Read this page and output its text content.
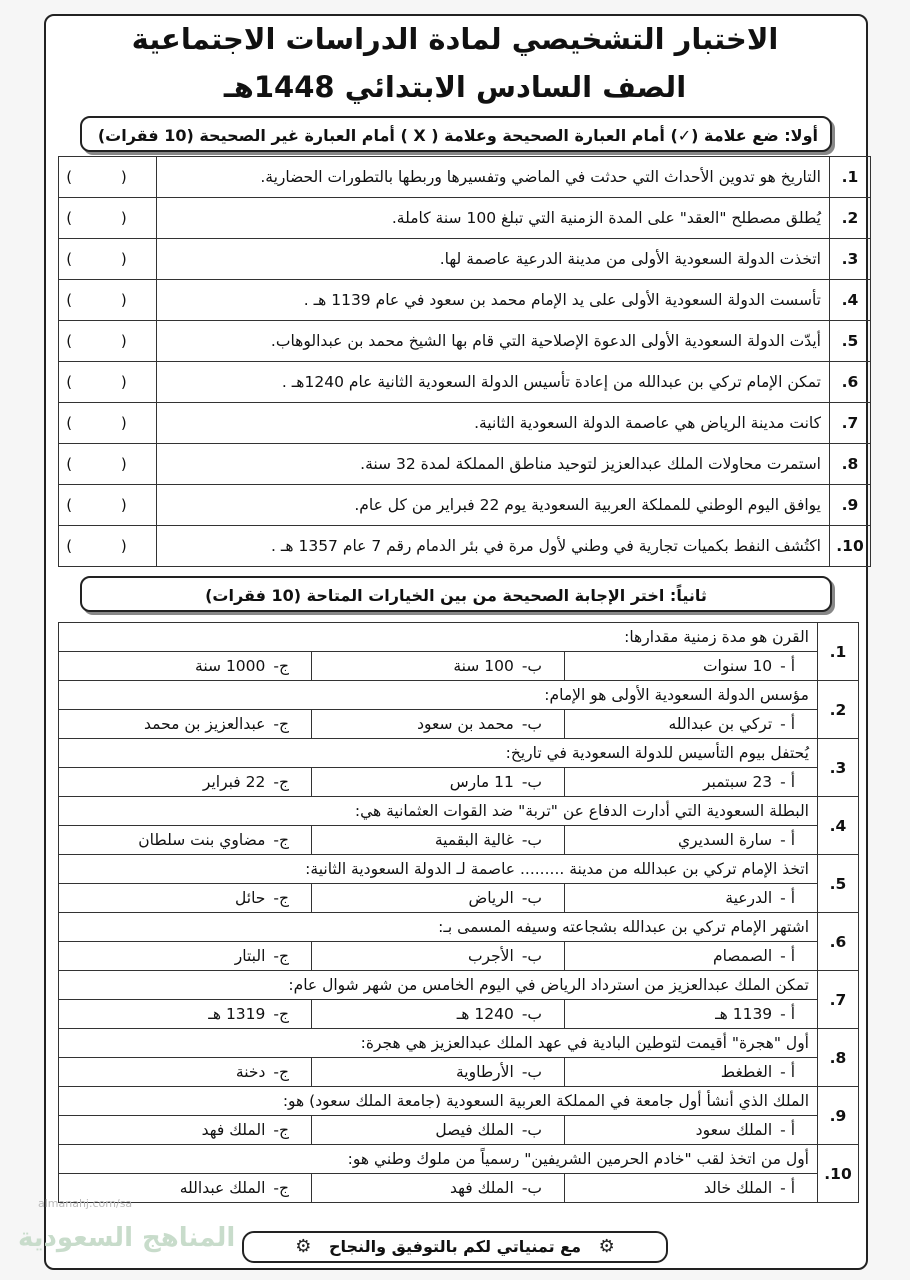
الاختبار التشخيصي لمادة الدراسات الاجتماعية
الصف السادس الابتدائي 1448هـ
أولا: ضع علامة (✓) أمام العبارة الصحيحة وعلامة ( X ) أمام العبارة غير الصحيحة (10 فقرات)
1.	التاريخ هو تدوين الأحداث التي حدثت في الماضي وتفسيرها وربطها بالتطورات الحضارية.	( )
2.	يُطلق مصطلح "العقد" على المدة الزمنية التي تبلغ 100 سنة كاملة.	( )
3.	اتخذت الدولة السعودية الأولى من مدينة الدرعية عاصمة لها.	( )
4.	تأسست الدولة السعودية الأولى على يد الإمام محمد بن سعود في عام 1139 هـ .	( )
5.	أيدّت الدولة السعودية الأولى الدعوة الإصلاحية التي قام بها الشيخ محمد بن عبدالوهاب.	( )
6.	تمكن الإمام تركي بن عبدالله من إعادة تأسيس الدولة السعودية الثانية عام 1240هـ .	( )
7.	كانت مدينة الرياض هي عاصمة الدولة السعودية الثانية.	( )
8.	استمرت محاولات الملك عبدالعزيز لتوحيد مناطق المملكة لمدة 32 سنة.	( )
9.	يوافق اليوم الوطني للمملكة العربية السعودية يوم 22 فبراير من كل عام.	( )
10.	اكتُشف النفط بكميات تجارية في وطني لأول مرة في بئر الدمام رقم 7 عام 1357 هـ .	( )
ثانياً: اختر الإجابة الصحيحة من بين الخيارات المتاحة (10 فقرات)
1.	القرن هو مدة زمنية مقدارها:		
	أ -10 سنوات	ب-100 سنة	ج-1000 سنة
2.	مؤسس الدولة السعودية الأولى هو الإمام:		
	أ -تركي بن عبدالله	ب-محمد بن سعود	ج-عبدالعزيز بن محمد
3.	يُحتفل بيوم التأسيس للدولة السعودية في تاريخ:		
	أ -23 سبتمبر	ب-11 مارس	ج-22 فبراير
4.	البطلة السعودية التي أدارت الدفاع عن "تربة" ضد القوات العثمانية هي:		
	أ -سارة السديري	ب-غالية البقمية	ج-مضاوي بنت سلطان
5.	اتخذ الإمام تركي بن عبدالله من مدينة ......... عاصمة لـ الدولة السعودية الثانية:		
	أ -الدرعية	ب-الرياض	ج-حائل
6.	اشتهر الإمام تركي بن عبدالله بشجاعته وسيفه المسمى بـ:		
	أ -الصمصام	ب-الأجرب	ج-البتار
7.	تمكن الملك عبدالعزيز من استرداد الرياض في اليوم الخامس من شهر شوال عام:		
	أ -1139 هـ	ب-1240 هـ	ج-1319 هـ
8.	أول "هجرة" أقيمت لتوطين البادية في عهد الملك عبدالعزيز هي هجرة:		
	أ -الغطغط	ب-الأرطاوية	ج-دخنة
9.	الملك الذي أنشأ أول جامعة في المملكة العربية السعودية (جامعة الملك سعود) هو:		
	أ -الملك سعود	ب-الملك فيصل	ج-الملك فهد
10.	أول من اتخذ لقب "خادم الحرمين الشريفين" رسمياً من ملوك وطني هو:		
	أ -الملك خالد	ب-الملك فهد	ج-الملك عبدالله
⚙ مع تمنياتي لكم بالتوفيق والنجاح ⚙
almanahj.com/sa
المناهج السعودية
